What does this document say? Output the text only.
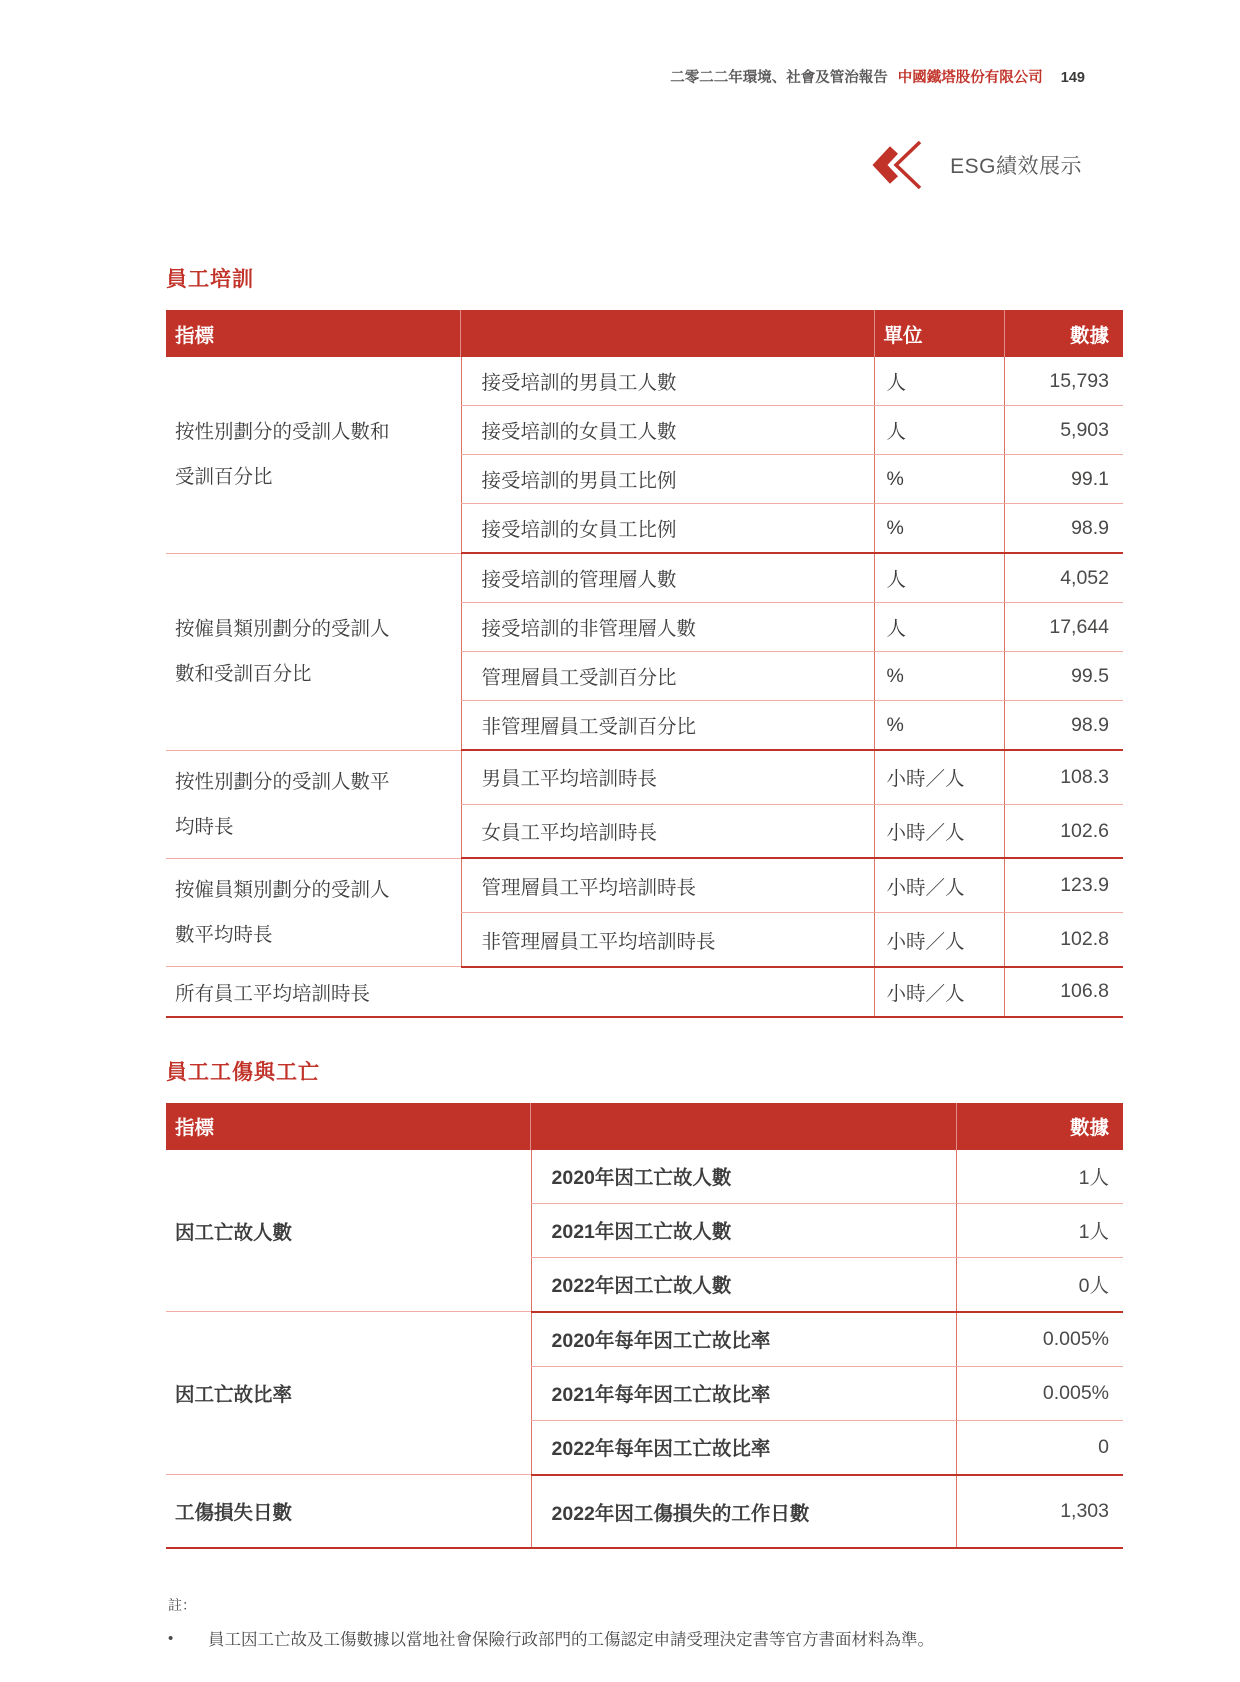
二零二二年環境、社會及管治報告 中國鐵塔股份有限公司 149
ESG績效展示
員工培訓
指標		單位	數據
按性別劃分的受訓人數和受訓百分比	接受培訓的男員工人數	人	15,793
	接受培訓的女員工人數	人	5,903
	接受培訓的男員工比例	%	99.1
	接受培訓的女員工比例	%	98.9
按僱員類別劃分的受訓人數和受訓百分比	接受培訓的管理層人數	人	4,052
	接受培訓的非管理層人數	人	17,644
	管理層員工受訓百分比	%	99.5
	非管理層員工受訓百分比	%	98.9
按性別劃分的受訓人數平均時長	男員工平均培訓時長	小時／人	108.3
	女員工平均培訓時長	小時／人	102.6
按僱員類別劃分的受訓人數平均時長	管理層員工平均培訓時長	小時／人	123.9
	非管理層員工平均培訓時長	小時／人	102.8
所有員工平均培訓時長		小時／人	106.8
員工工傷與工亡
指標		數據
因工亡故人數	2020年因工亡故人數	1人
	2021年因工亡故人數	1人
	2022年因工亡故人數	0人
因工亡故比率	2020年每年因工亡故比率	0.005%
	2021年每年因工亡故比率	0.005%
	2022年每年因工亡故比率	0
工傷損失日數	2022年因工傷損失的工作日數	1,303
註：
•	員工因工亡故及工傷數據以當地社會保險行政部門的工傷認定申請受理決定書等官方書面材料為準。
